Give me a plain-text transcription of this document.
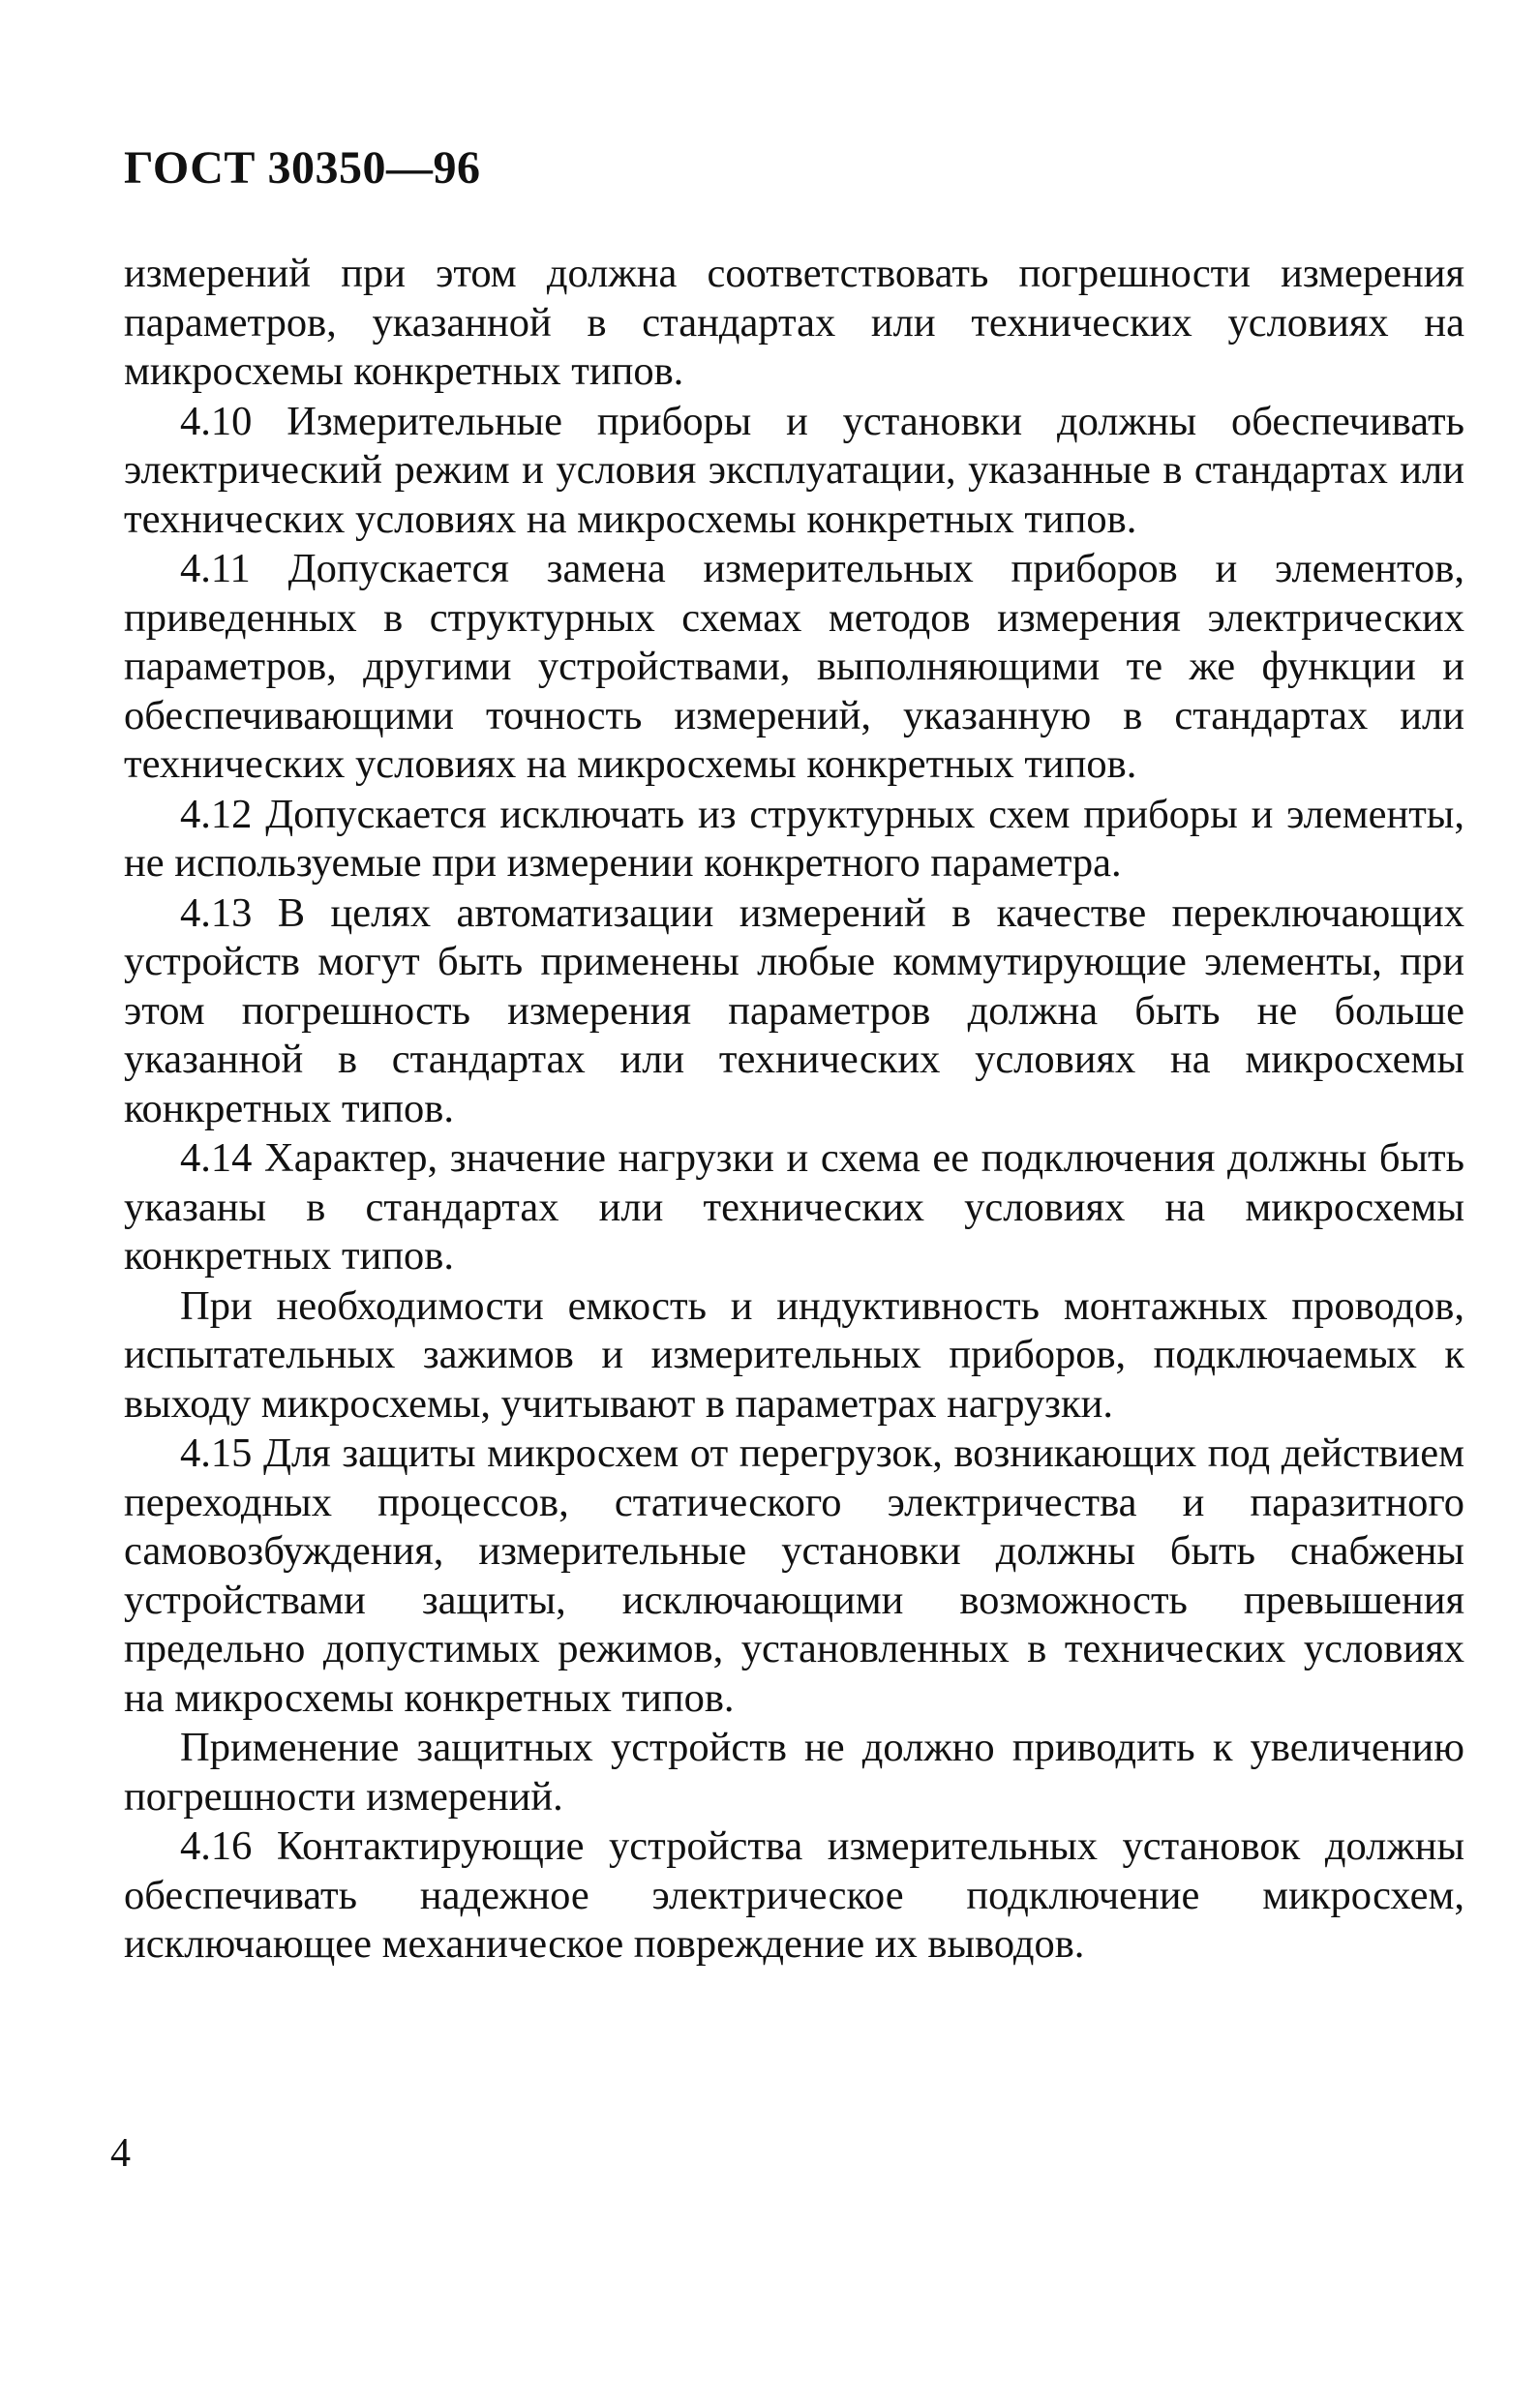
ГОСТ 30350—96

измерений при этом должна соответствовать погрешности измерения параметров, указанной в стандартах или технических условиях на микросхемы конкретных типов.

4.10 Измерительные приборы и установки должны обеспечивать электрический режим и условия эксплуатации, указанные в стандартах или технических условиях на микросхемы конкретных типов.

4.11 Допускается замена измерительных приборов и элементов, приведенных в структурных схемах методов измерения электрических параметров, другими устройствами, выполняющими те же функции и обеспечивающими точность измерений, указанную в стандартах или технических условиях на микросхемы конкретных типов.

4.12 Допускается исключать из структурных схем приборы и элементы, не используемые при измерении конкретного параметра.

4.13 В целях автоматизации измерений в качестве переключающих устройств могут быть применены любые коммутирующие элементы, при этом погрешность измерения параметров должна быть не больше указанной в стандартах или технических условиях на микросхемы конкретных типов.

4.14 Характер, значение нагрузки и схема ее подключения должны быть указаны в стандартах или технических условиях на микросхемы конкретных типов.

При необходимости емкость и индуктивность монтажных проводов, испытательных зажимов и измерительных приборов, подключаемых к выходу микросхемы, учитывают в параметрах нагрузки.

4.15 Для защиты микросхем от перегрузок, возникающих под действием переходных процессов, статического электричества и паразитного самовозбуждения, измерительные установки должны быть снабжены устройствами защиты, исключающими возможность превышения предельно допустимых режимов, установленных в технических условиях на микросхемы конкретных типов.

Применение защитных устройств не должно приводить к увеличению погрешности измерений.

4.16 Контактирующие устройства измерительных установок должны обеспечивать надежное электрическое подключение микросхем, исключающее механическое повреждение их выводов.

4
